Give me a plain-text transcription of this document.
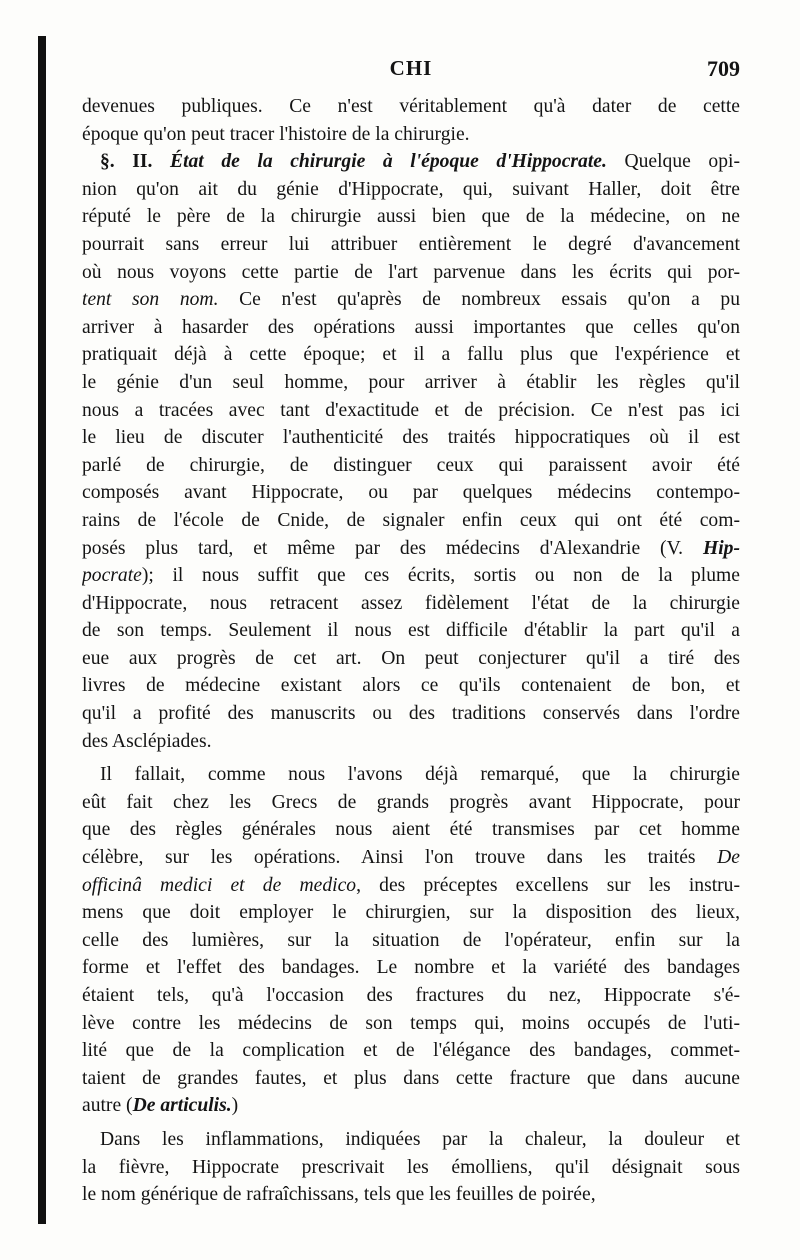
CHI	709
devenues publiques. Ce n'est véritablement qu'à dater de cette
époque qu'on peut tracer l'histoire de la chirurgie.
§. II. État de la chirurgie à l'époque d'Hippocrate. Quelque opi-
nion qu'on ait du génie d'Hippocrate, qui, suivant Haller, doit être
réputé le père de la chirurgie aussi bien que de la médecine, on ne
pourrait sans erreur lui attribuer entièrement le degré d'avancement
où nous voyons cette partie de l'art parvenue dans les écrits qui por-
tent son nom. Ce n'est qu'après de nombreux essais qu'on a pu
arriver à hasarder des opérations aussi importantes que celles qu'on
pratiquait déjà à cette époque; et il a fallu plus que l'expérience et
le génie d'un seul homme, pour arriver à établir les règles qu'il
nous a tracées avec tant d'exactitude et de précision. Ce n'est pas ici
le lieu de discuter l'authenticité des traités hippocratiques où il est
parlé de chirurgie, de distinguer ceux qui paraissent avoir été
composés avant Hippocrate, ou par quelques médecins contempo-
rains de l'école de Cnide, de signaler enfin ceux qui ont été com-
posés plus tard, et même par des médecins d'Alexandrie (V. Hip-
pocrate); il nous suffit que ces écrits, sortis ou non de la plume
d'Hippocrate, nous retracent assez fidèlement l'état de la chirurgie
de son temps. Seulement il nous est difficile d'établir la part qu'il a
eue aux progrès de cet art. On peut conjecturer qu'il a tiré des
livres de médecine existant alors ce qu'ils contenaient de bon, et
qu'il a profité des manuscrits ou des traditions conservés dans l'ordre
des Asclépiades.
Il fallait, comme nous l'avons déjà remarqué, que la chirurgie
eût fait chez les Grecs de grands progrès avant Hippocrate, pour
que des règles générales nous aient été transmises par cet homme
célèbre, sur les opérations. Ainsi l'on trouve dans les traités De
officinâ medici et de medico, des préceptes excellens sur les instru-
mens que doit employer le chirurgien, sur la disposition des lieux,
celle des lumières, sur la situation de l'opérateur, enfin sur la
forme et l'effet des bandages. Le nombre et la variété des bandages
étaient tels, qu'à l'occasion des fractures du nez, Hippocrate s'é-
lève contre les médecins de son temps qui, moins occupés de l'uti-
lité que de la complication et de l'élégance des bandages, commet-
taient de grandes fautes, et plus dans cette fracture que dans aucune
autre (De articulis.)
Dans les inflammations, indiquées par la chaleur, la douleur et
la fièvre, Hippocrate prescrivait les émolliens, qu'il désignait sous
le nom générique de rafraîchissans, tels que les feuilles de poirée,
